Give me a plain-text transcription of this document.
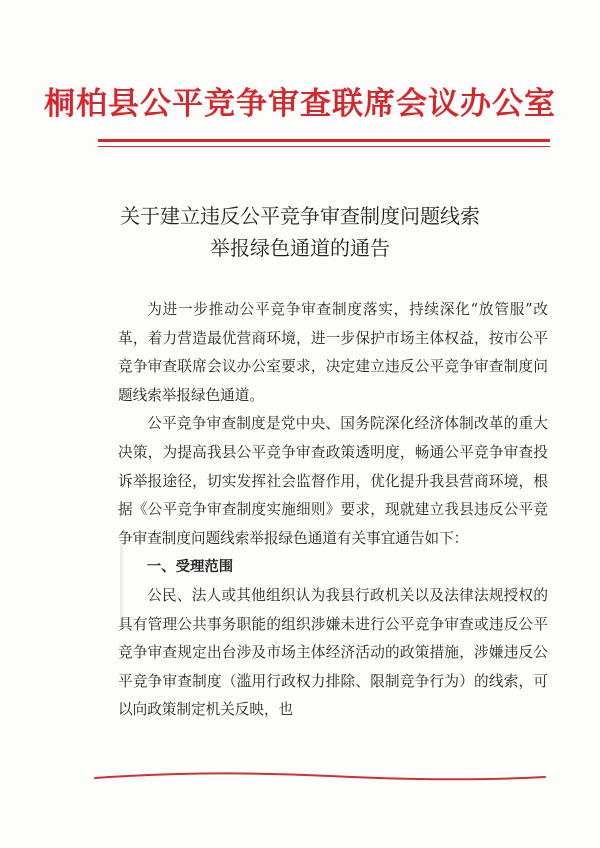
桐柏县公平竞争审查联席会议办公室
关于建立违反公平竞争审查制度问题线索
举报绿色通道的通告

为进一步推动公平竞争审查制度落实，持续深化“放管服”改革，着力营造最优营商环境，进一步保护市场主体权益，按市公平竞争审查联席会议办公室要求，决定建立违反公平竞争审查制度问题线索举报绿色通道。

公平竞争审查制度是党中央、国务院深化经济体制改革的重大决策，为提高我县公平竞争审查政策透明度，畅通公平竞争审查投诉举报途径，切实发挥社会监督作用，优化提升我县营商环境，根据《公平竞争审查制度实施细则》要求，现就建立我县违反公平竞争审查制度问题线索举报绿色通道有关事宜通告如下：

一、受理范围

公民、法人或其他组织认为我县行政机关以及法律法规授权的具有管理公共事务职能的组织涉嫌未进行公平竞争审查或违反公平竞争审查规定出台涉及市场主体经济活动的政策措施，涉嫌违反公平竞争审查制度（滥用行政权力排除、限制竞争行为）的线索，可以向政策制定机关反映，也
